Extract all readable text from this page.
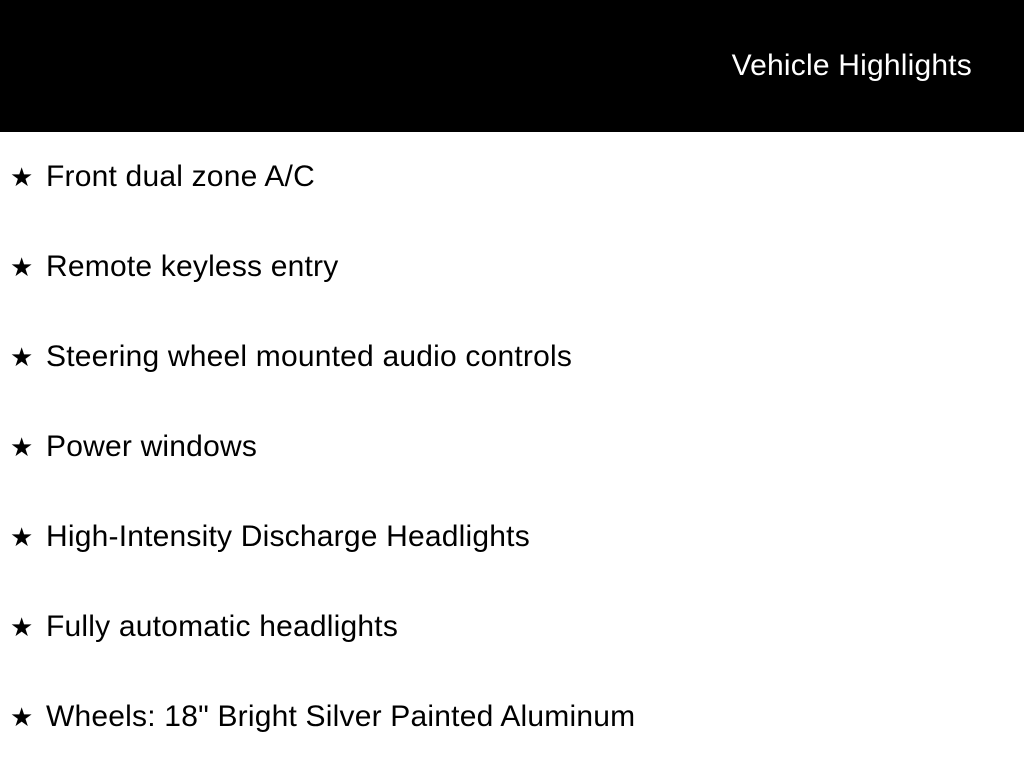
Vehicle Highlights
★ Front dual zone A/C
★ Remote keyless entry
★ Steering wheel mounted audio controls
★ Power windows
★ High-Intensity Discharge Headlights
★ Fully automatic headlights
★ Wheels: 18" Bright Silver Painted Aluminum
